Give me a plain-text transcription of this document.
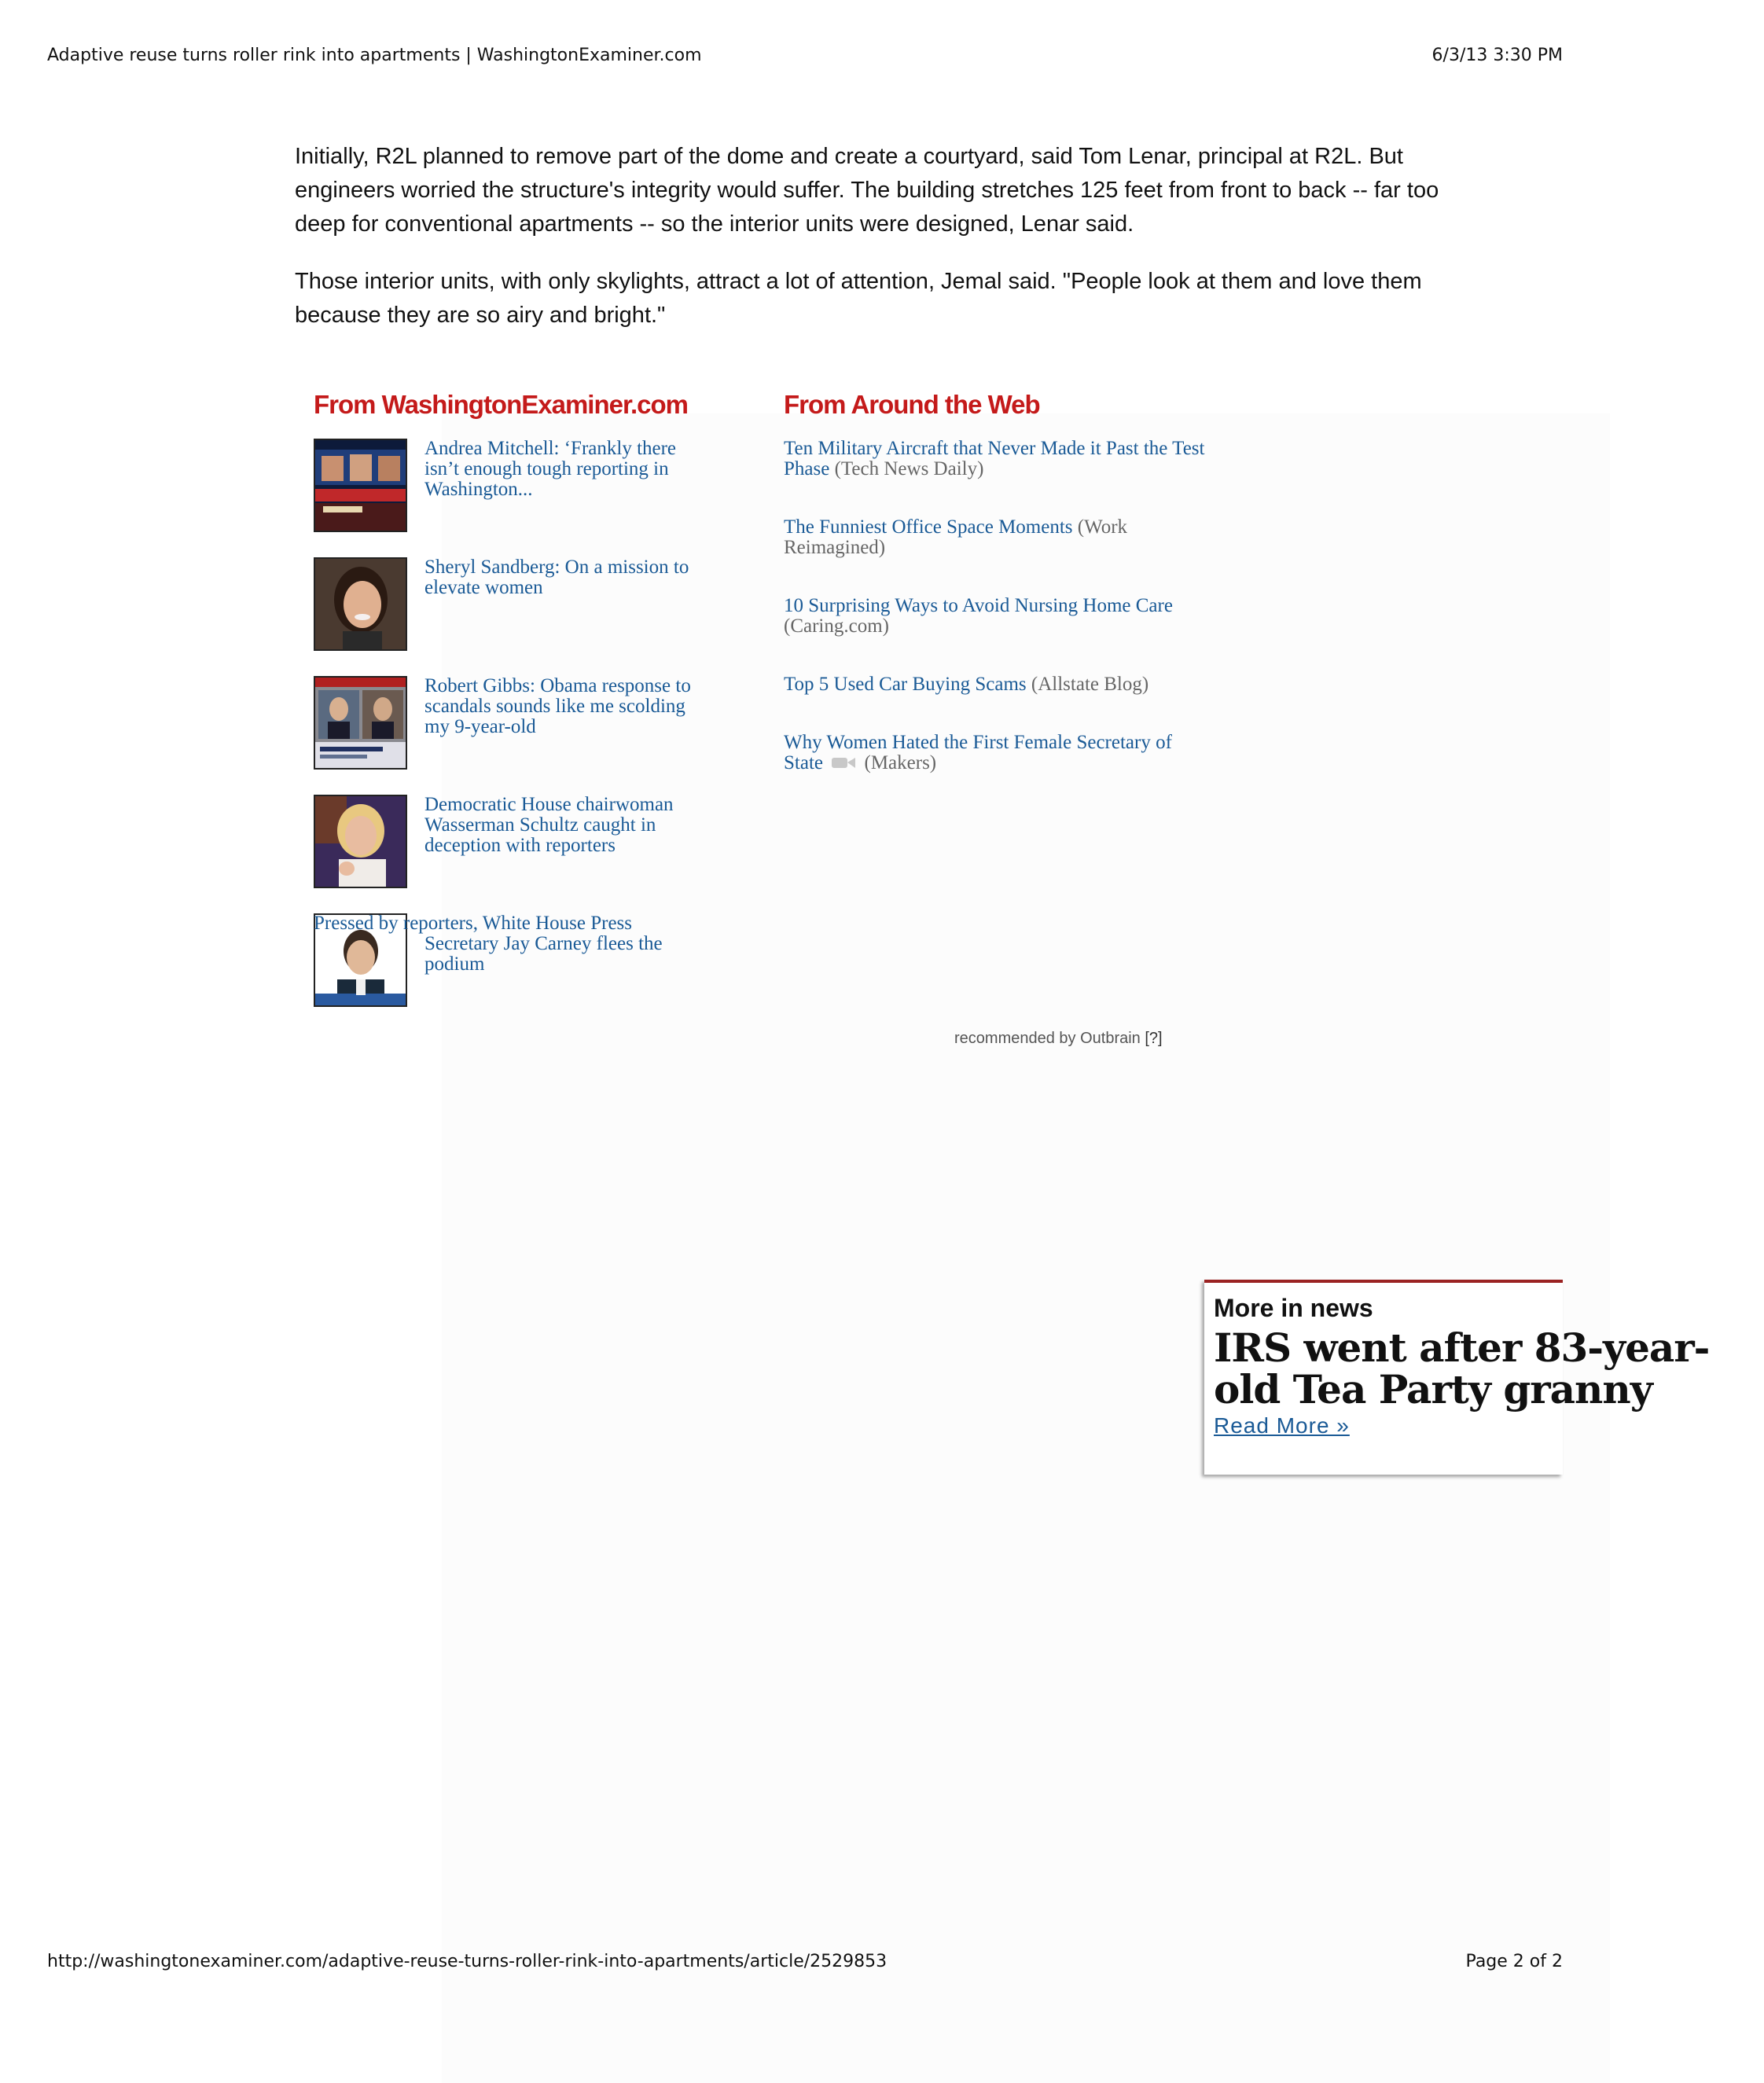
Adaptive reuse turns roller rink into apartments | WashingtonExaminer.com	6/3/13 3:30 PM

Initially, R2L planned to remove part of the dome and create a courtyard, said Tom Lenar, principal at R2L. But engineers worried the structure's integrity would suffer. The building stretches 125 feet from front to back -- far too deep for conventional apartments -- so the interior units were designed, Lenar said.

Those interior units, with only skylights, attract a lot of attention, Jemal said. "People look at them and love them because they are so airy and bright."

From WashingtonExaminer.com	From Around the Web
Andrea Mitchell: ‘Frankly there isn’t enough tough reporting in Washington...
Sheryl Sandberg: On a mission to elevate women
Robert Gibbs: Obama response to scandals sounds like me scolding my 9-year-old
Democratic House chairwoman Wasserman Schultz caught in deception with reporters
Pressed by reporters, White House Press
Secretary Jay Carney flees the podium
Ten Military Aircraft that Never Made it Past the Test Phase (Tech News Daily)
The Funniest Office Space Moments (Work Reimagined)
10 Surprising Ways to Avoid Nursing Home Care (Caring.com)
Top 5 Used Car Buying Scams (Allstate Blog)
Why Women Hated the First Female Secretary of State (Makers)
recommended by Outbrain [?]
More in news
IRS went after 83-year-old Tea Party granny
Read More »
http://washingtonexaminer.com/adaptive-reuse-turns-roller-rink-into-apartments/article/2529853	Page 2 of 2
